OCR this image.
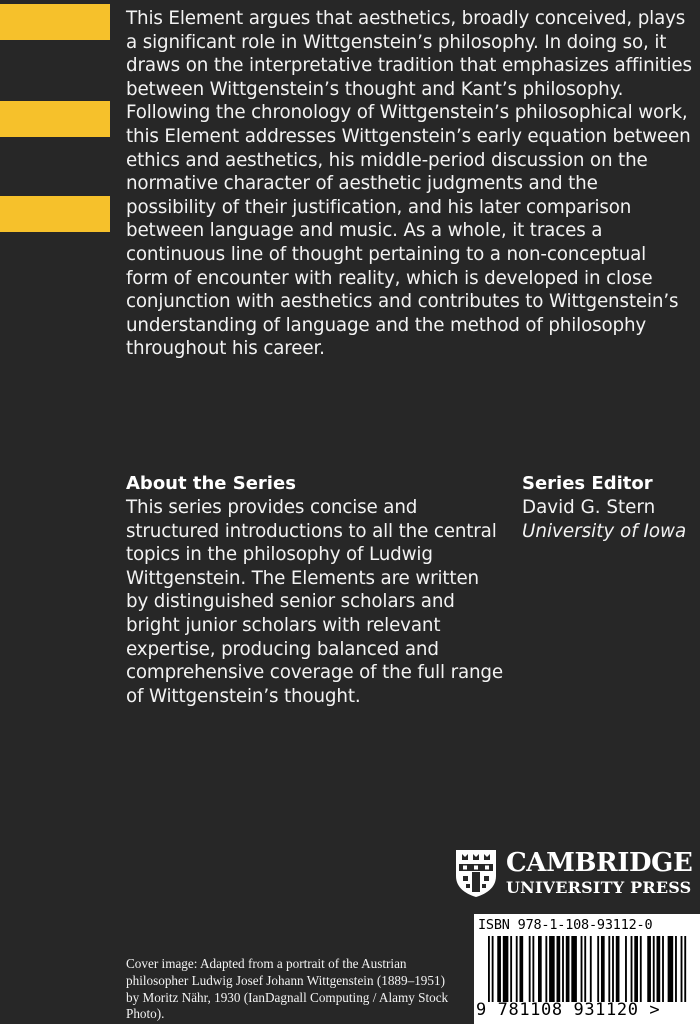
This Element argues that aesthetics, broadly conceived, plays a significant role in Wittgenstein’s philosophy. In doing so, it draws on the interpretative tradition that emphasizes affinities between Wittgenstein’s thought and Kant’s philosophy. Following the chronology of Wittgenstein’s philosophical work, this Element addresses Wittgenstein’s early equation between ethics and aesthetics, his middle-period discussion on the normative character of aesthetic judgments and the possibility of their justification, and his later comparison between language and music. As a whole, it traces a continuous line of thought pertaining to a non-conceptual form of encounter with reality, which is developed in close conjunction with aesthetics and contributes to Wittgenstein’s understanding of language and the method of philosophy throughout his career.

About the Series

This series provides concise and structured introductions to all the central topics in the philosophy of Ludwig Wittgenstein. The Elements are written by distinguished senior scholars and bright junior scholars with relevant expertise, producing balanced and comprehensive coverage of the full range of Wittgenstein’s thought.

Series Editor
David G. Stern
University of Iowa
CAMBRIDGE
UNIVERSITY PRESS

Cover image: Adapted from a portrait of the Austrian philosopher Ludwig Josef Johann Wittgenstein (1889–1951) by Moritz Nähr, 1930 (IanDagnall Computing / Alamy Stock Photo).

ISBN 978-1-108-93112-0
9 781108 931120 >
